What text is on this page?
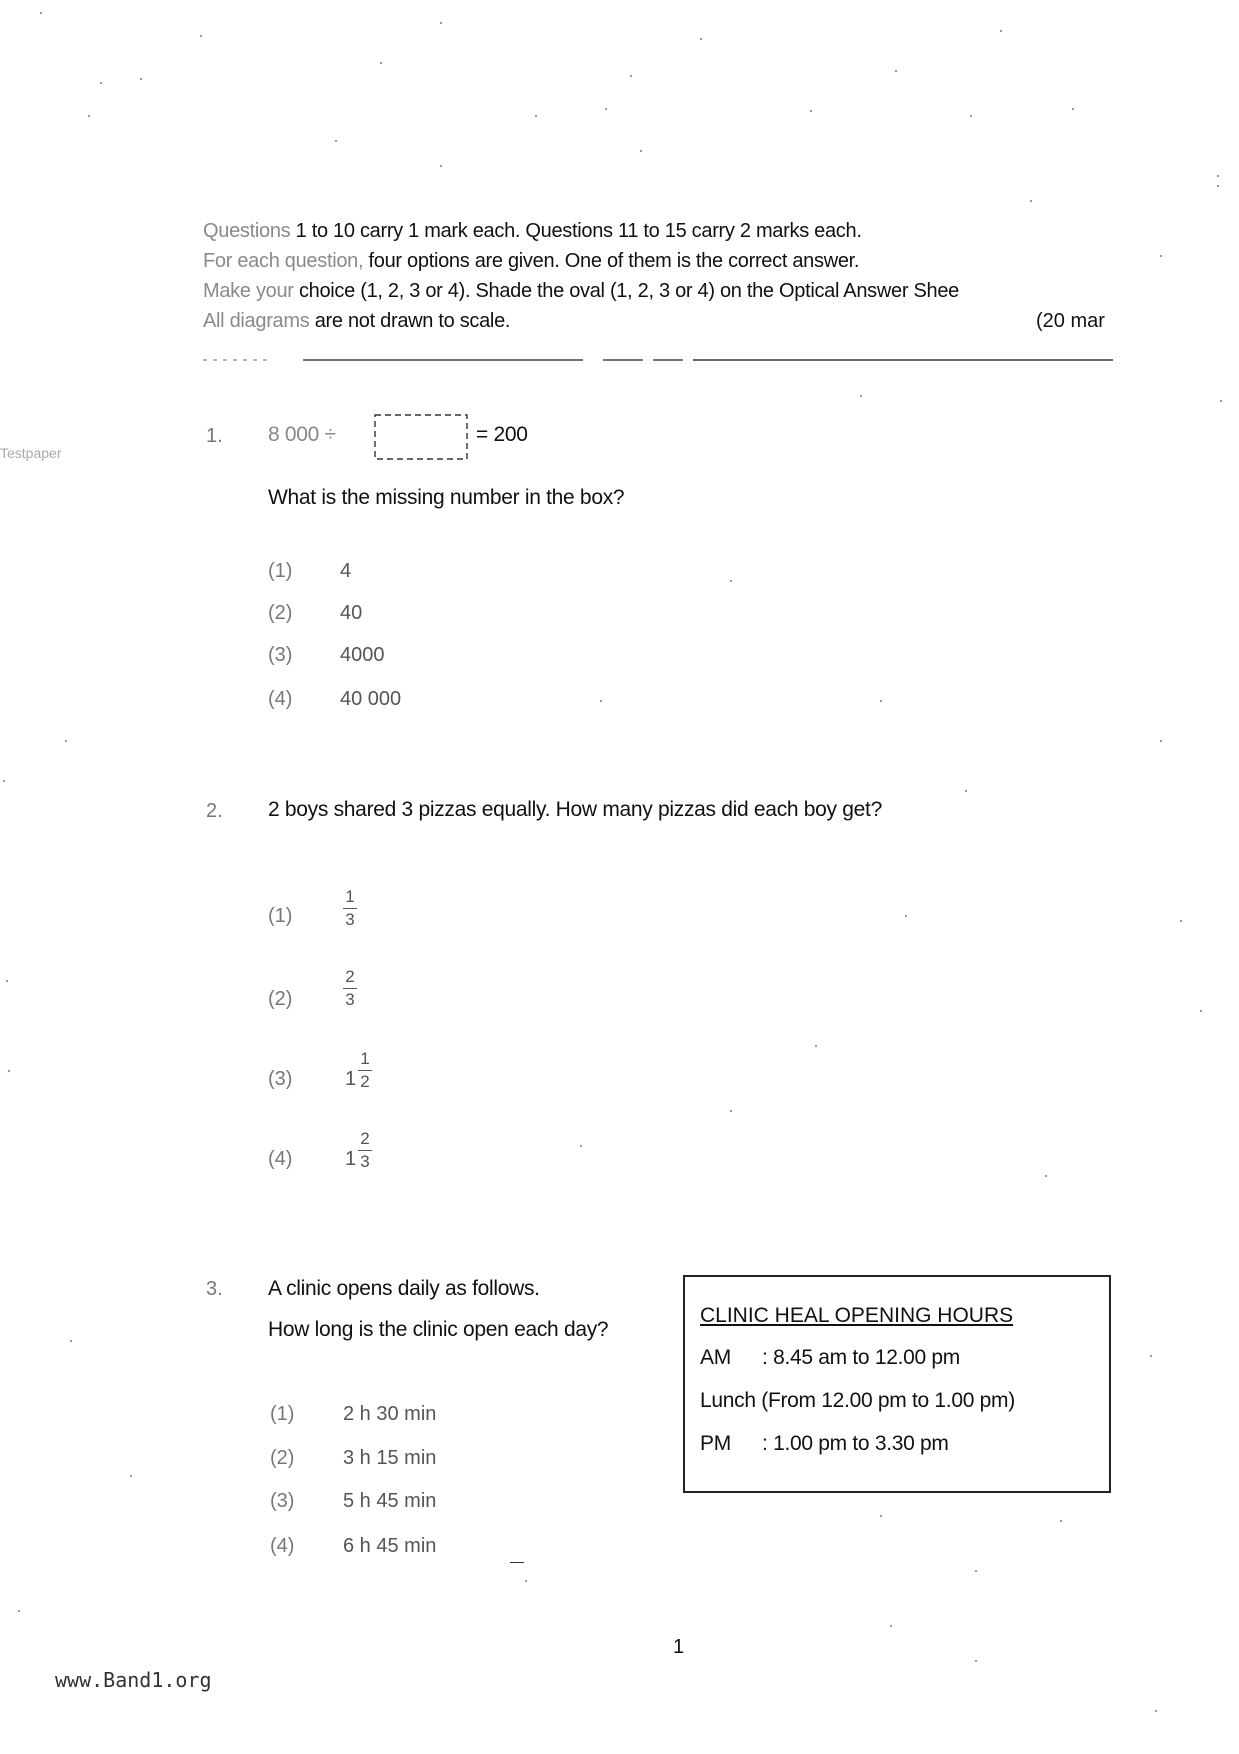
Questions 1 to 10 carry 1 mark each. Questions 11 to 15 carry 2 marks each.
For each question, four options are given. One of them is the correct answer.
Make your choice (1, 2, 3 or 4). Shade the oval (1, 2, 3 or 4) on the Optical Answer Shee
All diagrams are not drawn to scale.	(20 mar
Testpaper
1. 8 000 ÷	= 200
What is the missing number in the box?
(1) 4
(2) 40
(3) 4000
(4) 40 000
2. 2 boys shared 3 pizzas equally. How many pizzas did each boy get?
(1)
1
3
(2)
2
3
(3)	1
1
2
(4)	1
2
3
3. A clinic opens daily as follows.
How long is the clinic open each day?
(1) 2 h 30 min
(2) 3 h 15 min
(3) 5 h 45 min
(4) 6 h 45 min
CLINIC HEAL OPENING HOURS
AM : 8.45 am to 12.00 pm
Lunch (From 12.00 pm to 1.00 pm)
PM : 1.00 pm to 3.30 pm
1
www.Band1.org
